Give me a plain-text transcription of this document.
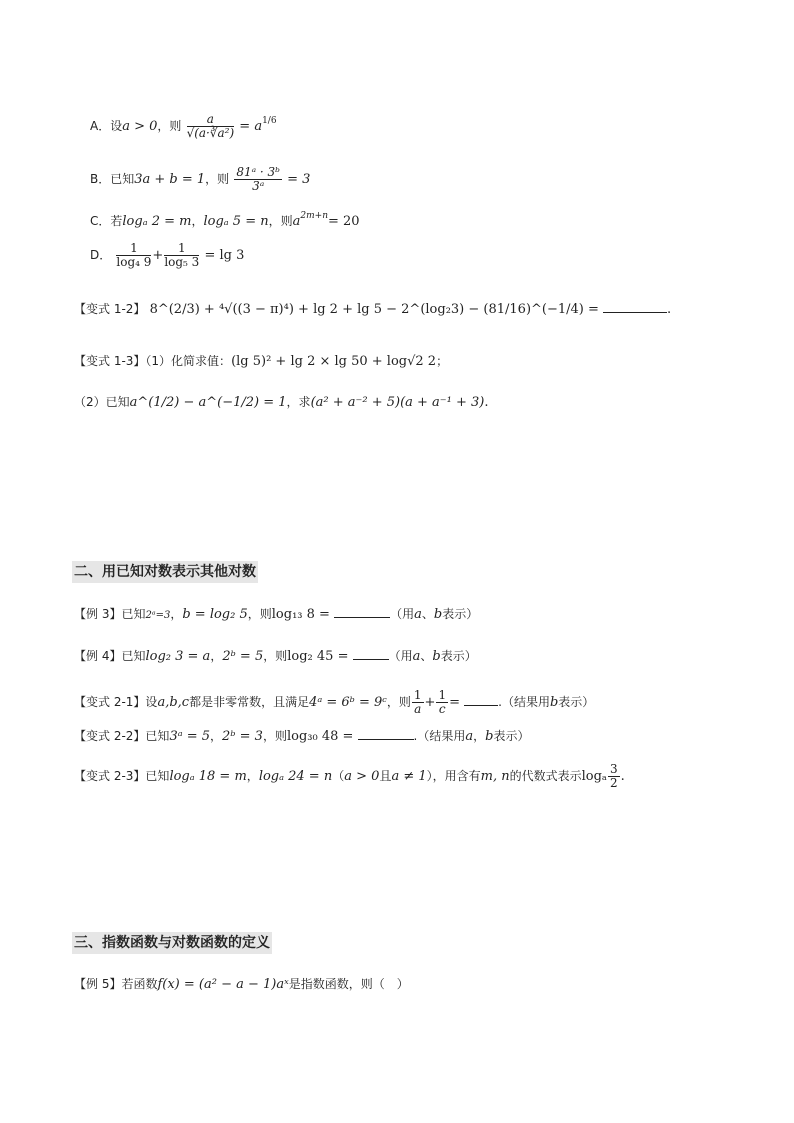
A．设a > 0，则 $\frac{a}{\text{√(a·∛a²)}} = a^{1/6}$
B．已知3a + b = 1，则 $\frac{\text{81ᵃ · 3ᵇ}}{\text{3ᵃ}} = 3$
C．若logₐ 2 = m，logₐ 5 = n，则$a^{2m+n}= 20$
D． $\frac{1}{\text{log₄ 9}} + \frac{1}{\text{log₅ 3}} = \lg 3$
【变式 1-2】 8^(2/3) + ⁴√((3 − π)⁴) + lg 2 + lg 5 − 2^(log₂3) − (81/16)^(−1/4) =	.
【变式 1-3】（1）化简求值：(lg 5)² + lg 2 × lg 50 + log√2 2；
（2）已知a^(1/2) − a^(−1/2) = 1，求(a² + a⁻² + 5)(a + a⁻¹ + 3).
二、用已知对数表示其他对数
【例 3】已知2ᵃ=3，b = log₂ 5，则log₁₃ 8 =	（用a、b表示）
【例 4】已知log₂ 3 = a，2ᵇ = 5，则log₂ 45 =	（用a、b表示）
【变式 2-1】设a,b,c都是非零常数，且满足4ᵃ = 6ᵇ = 9ᶜ，则 $\frac{1}{a} + \frac{1}{c}$ =	.（结果用b表示）
【变式 2-2】已知3ᵃ = 5，2ᵇ = 3，则log₃₀ 48 =	.（结果用a，b表示）
【变式 2-3】已知logₐ 18 = m，logₐ 24 = n（a > 0且a ≠ 1），用含有m, n的代数式表示logₐ $\frac{3}{2}$ .
三、指数函数与对数函数的定义
【例 5】若函数f(x) = (a² − a − 1)aˣ是指数函数，则（　）
